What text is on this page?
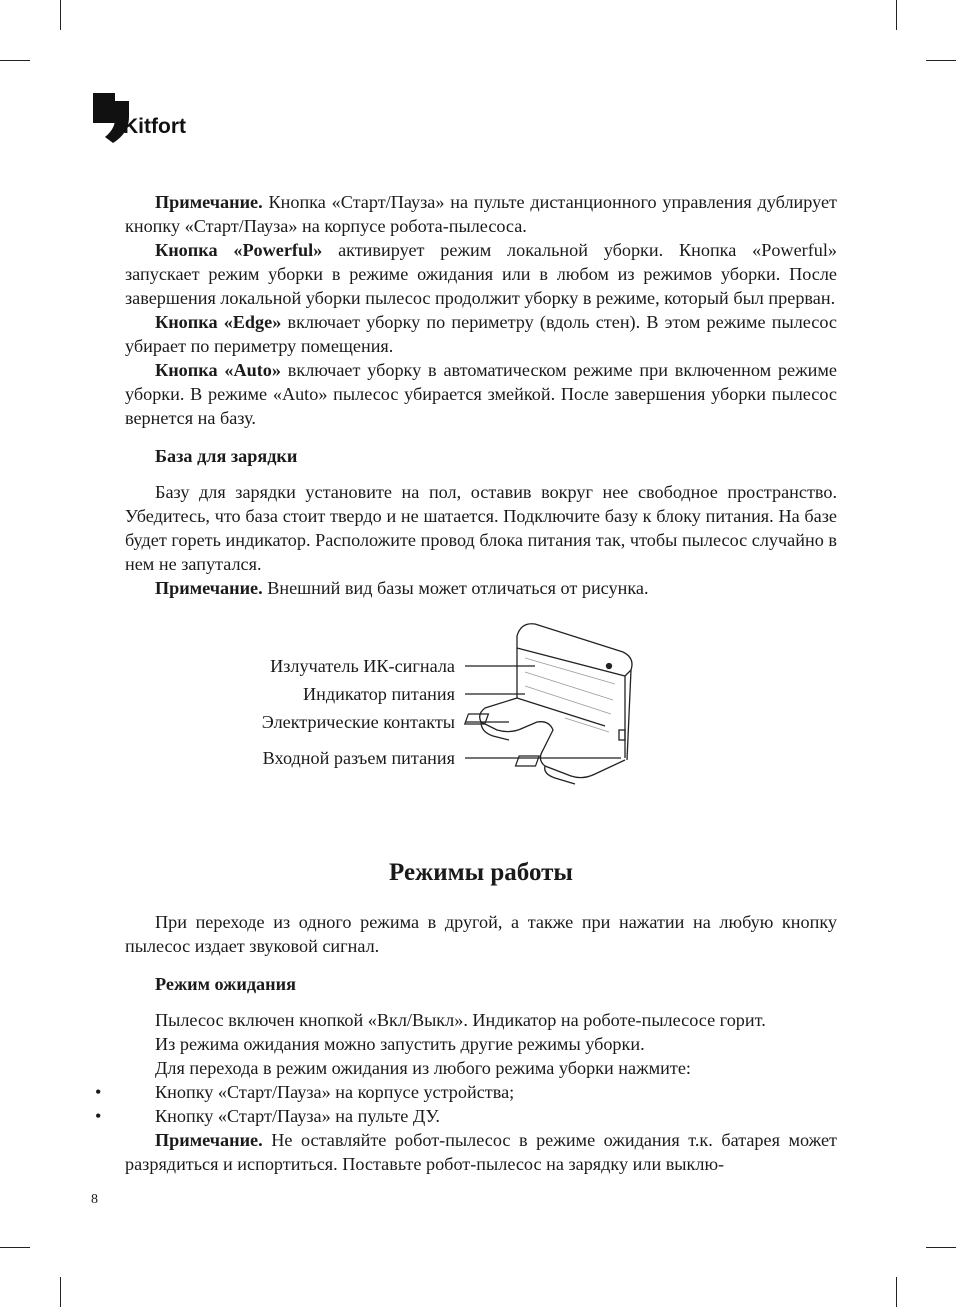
Kitfort

Примечание. Кнопка «Старт/Пауза» на пульте дистанционного управления дублирует кнопку «Старт/Пауза» на корпусе робота-пылесоса.

Кнопка «Powerful» активирует режим локальной уборки. Кнопка «Powerful» запускает режим уборки в режиме ожидания или в любом из режимов уборки. После завершения локальной уборки пылесос продолжит уборку в режиме, который был прерван.

Кнопка «Edge» включает уборку по периметру (вдоль стен). В этом режиме пылесос убирает по периметру помещения.

Кнопка «Auto» включает уборку в автоматическом режиме при включенном режиме уборки. В режиме «Auto» пылесос убирается змейкой. После завершения уборки пылесос вернется на базу.

База для зарядки

Базу для зарядки установите на пол, оставив вокруг нее свободное пространство. Убедитесь, что база стоит твердо и не шатается. Подключите базу к блоку питания. На базе будет гореть индикатор. Расположите провод блока питания так, чтобы пылесос случайно в нем не запутался.

Примечание. Внешний вид базы может отличаться от рисунка.

Излучатель ИК-сигнала
Индикатор питания
Электрические контакты
Входной разъем питания
Режимы работы

При переходе из одного режима в другой, а также при нажатии на любую кнопку пылесос издает звуковой сигнал.

Режим ожидания

Пылесос включен кнопкой «Вкл/Выкл». Индикатор на роботе-пылесосе горит.

Из режима ожидания можно запустить другие режимы уборки.

Для перехода в режим ожидания из любого режима уборки нажмите:

•	Кнопку «Старт/Пауза» на корпусе устройства;

•	Кнопку «Старт/Пауза» на пульте ДУ.

Примечание. Не оставляйте робот-пылесос в режиме ожидания т.к. батарея может разрядиться и испортиться. Поставьте робот-пылесос на зарядку или выклю-

8
